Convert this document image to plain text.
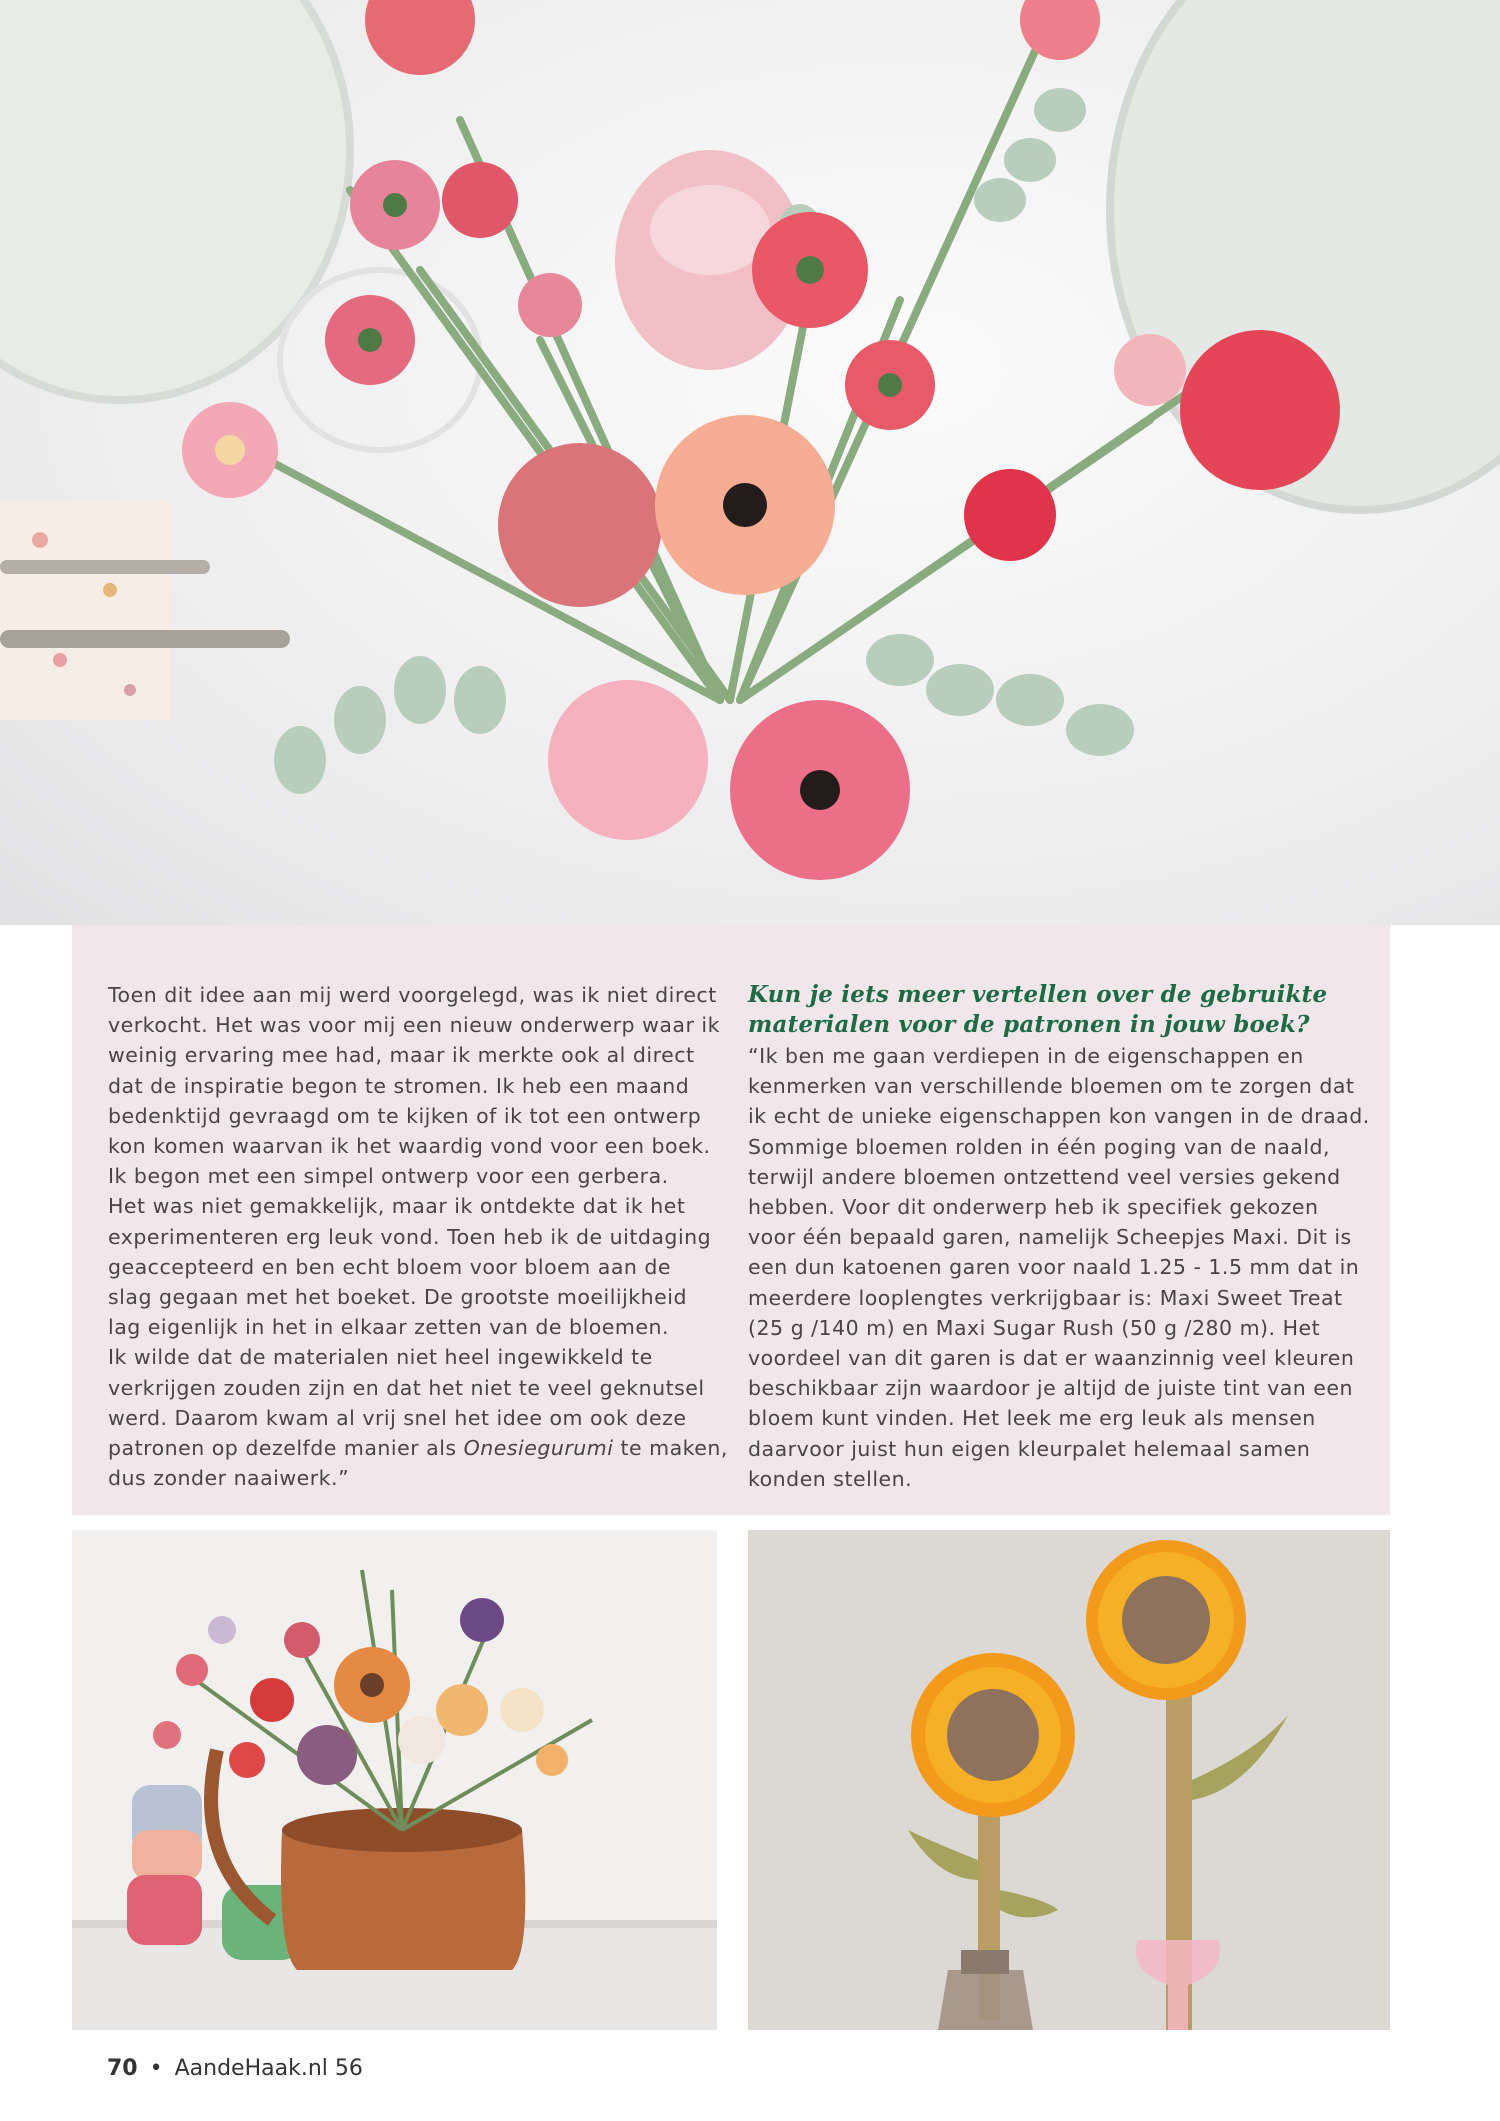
Toen dit idee aan mij werd voorgelegd, was ik niet direct
verkocht. Het was voor mij een nieuw onderwerp waar ik
weinig ervaring mee had, maar ik merkte ook al direct
dat de inspiratie begon te stromen. Ik heb een maand
bedenktijd gevraagd om te kijken of ik tot een ontwerp
kon komen waarvan ik het waardig vond voor een boek.
Ik begon met een simpel ontwerp voor een gerbera.
Het was niet gemakkelijk, maar ik ontdekte dat ik het
experimenteren erg leuk vond. Toen heb ik de uitdaging
geaccepteerd en ben echt bloem voor bloem aan de
slag gegaan met het boeket. De grootste moeilijkheid
lag eigenlijk in het in elkaar zetten van de bloemen.
Ik wilde dat de materialen niet heel ingewikkeld te
verkrijgen zouden zijn en dat het niet te veel geknutsel
werd. Daarom kwam al vrij snel het idee om ook deze
patronen op dezelfde manier als Onesiegurumi te maken,
dus zonder naaiwerk.”

Kun je iets meer vertellen over de gebruikte
materialen voor de patronen in jouw boek?

“Ik ben me gaan verdiepen in de eigenschappen en
kenmerken van verschillende bloemen om te zorgen dat
ik echt de unieke eigenschappen kon vangen in de draad.
Sommige bloemen rolden in één poging van de naald,
terwijl andere bloemen ontzettend veel versies gekend
hebben. Voor dit onderwerp heb ik specifiek gekozen
voor één bepaald garen, namelijk Scheepjes Maxi. Dit is
een dun katoenen garen voor naald 1.25 - 1.5 mm dat in
meerdere looplengtes verkrijgbaar is: Maxi Sweet Treat
(25 g /140 m) en Maxi Sugar Rush (50 g /280 m). Het
voordeel van dit garen is dat er waanzinnig veel kleuren
beschikbaar zijn waardoor je altijd de juiste tint van een
bloem kunt vinden. Het leek me erg leuk als mensen
daarvoor juist hun eigen kleurpalet helemaal samen
konden stellen.

70 • AandeHaak.nl 56
